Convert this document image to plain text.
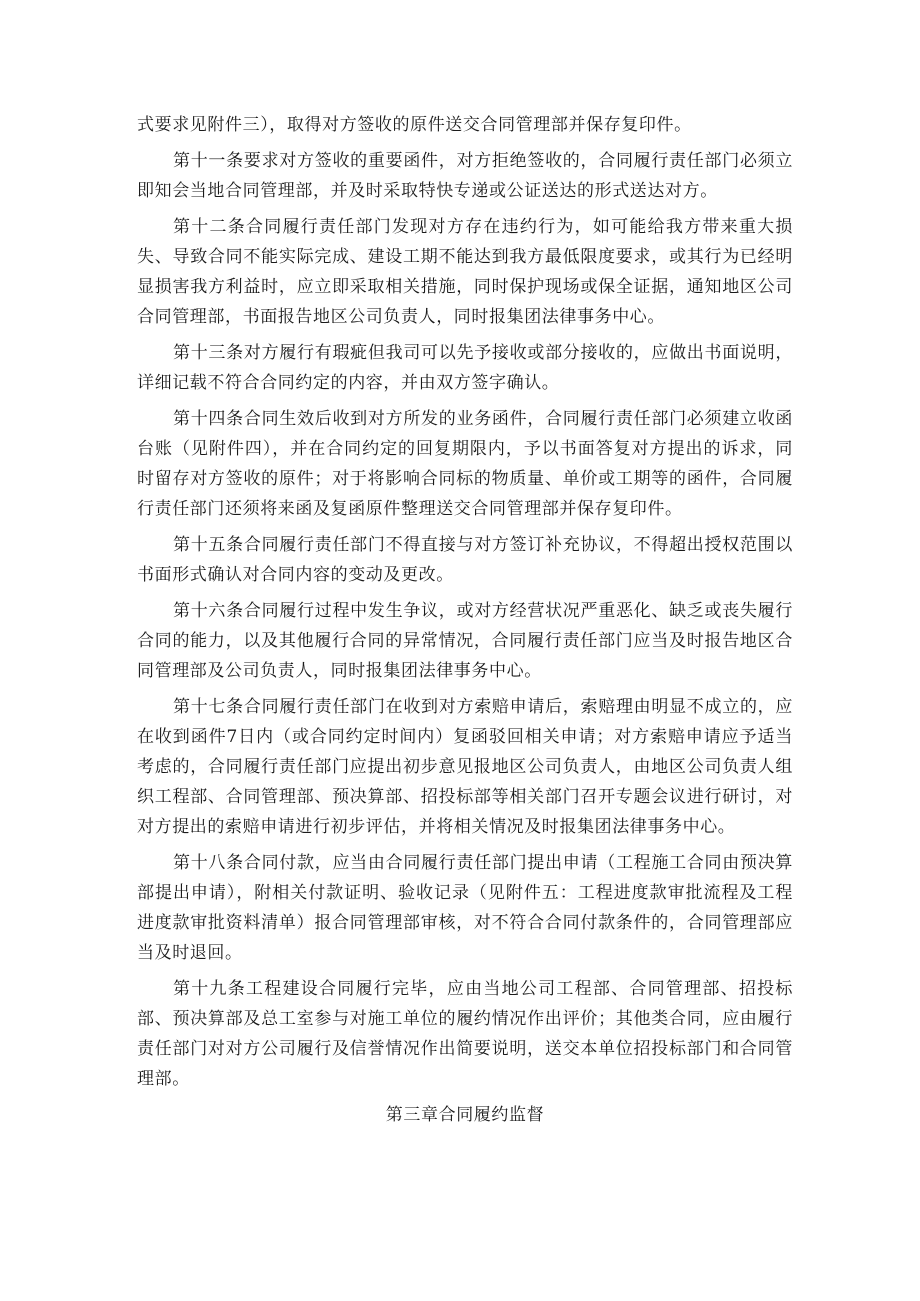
式要求见附件三），取得对方签收的原件送交合同管理部并保存复印件。

第十一条要求对方签收的重要函件，对方拒绝签收的，合同履行责任部门必须立即知会当地合同管理部，并及时采取特快专递或公证送达的形式送达对方。

第十二条合同履行责任部门发现对方存在违约行为，如可能给我方带来重大损失、导致合同不能实际完成、建设工期不能达到我方最低限度要求，或其行为已经明显损害我方利益时，应立即采取相关措施，同时保护现场或保全证据，通知地区公司合同管理部，书面报告地区公司负责人，同时报集团法律事务中心。

第十三条对方履行有瑕疵但我司可以先予接收或部分接收的，应做出书面说明，详细记载不符合合同约定的内容，并由双方签字确认。

第十四条合同生效后收到对方所发的业务函件，合同履行责任部门必须建立收函台账（见附件四），并在合同约定的回复期限内，予以书面答复对方提出的诉求，同时留存对方签收的原件；对于将影响合同标的物质量、单价或工期等的函件，合同履行责任部门还须将来函及复函原件整理送交合同管理部并保存复印件。

第十五条合同履行责任部门不得直接与对方签订补充协议，不得超出授权范围以书面形式确认对合同内容的变动及更改。

第十六条合同履行过程中发生争议，或对方经营状况严重恶化、缺乏或丧失履行合同的能力，以及其他履行合同的异常情况，合同履行责任部门应当及时报告地区合同管理部及公司负责人，同时报集团法律事务中心。

第十七条合同履行责任部门在收到对方索赔申请后，索赔理由明显不成立的，应在收到函件7日内（或合同约定时间内）复函驳回相关申请；对方索赔申请应予适当考虑的，合同履行责任部门应提出初步意见报地区公司负责人，由地区公司负责人组织工程部、合同管理部、预决算部、招投标部等相关部门召开专题会议进行研讨，对对方提出的索赔申请进行初步评估，并将相关情况及时报集团法律事务中心。

第十八条合同付款，应当由合同履行责任部门提出申请（工程施工合同由预决算部提出申请），附相关付款证明、验收记录（见附件五：工程进度款审批流程及工程进度款审批资料清单）报合同管理部审核，对不符合合同付款条件的，合同管理部应当及时退回。

第十九条工程建设合同履行完毕，应由当地公司工程部、合同管理部、招投标部、预决算部及总工室参与对施工单位的履约情况作出评价；其他类合同，应由履行责任部门对对方公司履行及信誉情况作出简要说明，送交本单位招投标部门和合同管理部。

第三章合同履约监督
